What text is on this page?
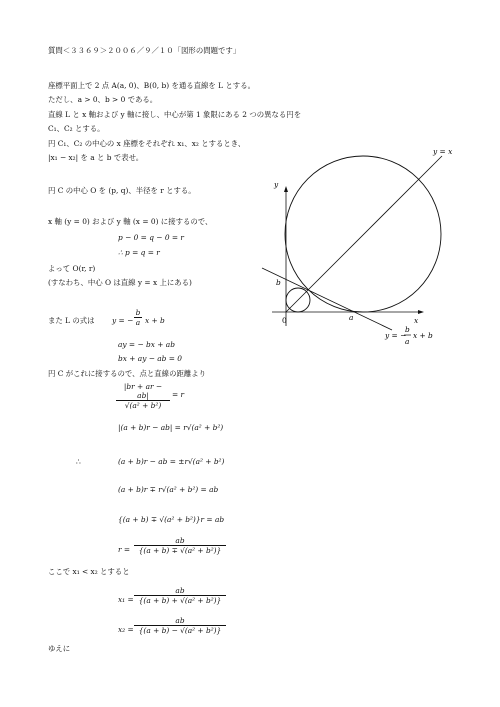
質問＜３３６９＞２００６／９／１０「図形の問題です」
座標平面上で 2 点 A(a, 0)、B(0, b) を通る直線を L とする。
ただし、a > 0、b > 0 である。
直線 L と x 軸および y 軸に接し、中心が第 1 象限にある 2 つの異なる円を
C₁、C₂ とする。
円 C₁、C₂ の中心の x 座標をそれぞれ x₁、x₂ とするとき、
|x₁ − x₂| を a と b で表せ。
円 C の中心 O を (p, q)、半径を r とする。
x 軸 (y = 0) および y 軸 (x = 0) に接するので、
p − 0 = q − 0 = r
∴ p = q = r
よって O(r, r)
(すなわち、中心 O は直線 y = x 上にある)
また L の式は y = − $\frac{b}{a}$ x + b
ay = − bx + ab
bx + ay − ab = 0
円 C がこれに接するので、点と直線の距離より
$\frac{|br + ar - ab|}{\text{√(a² + b²)}} = r$
|(a + b)r − ab| = r√(a² + b²)
∴	(a + b)r − ab = ±r√(a² + b²)
(a + b)r ∓ r√(a² + b²) = ab
{(a + b) ∓ √(a² + b²)}r = ab
$r = \frac{ab}{\text{\{(a + b) ∓ √(a² + b²)\}}}$
ここで x₁ < x₂ とすると
$x_1 = \frac{ab}{\text{\{(a + b) + √(a² + b²)\}}}$
$x_2 = \frac{ab}{\text{\{(a + b) − √(a² + b²)\}}}$
ゆえに
y = x
y
x
b
a
0
y = −
b
a
x + b
